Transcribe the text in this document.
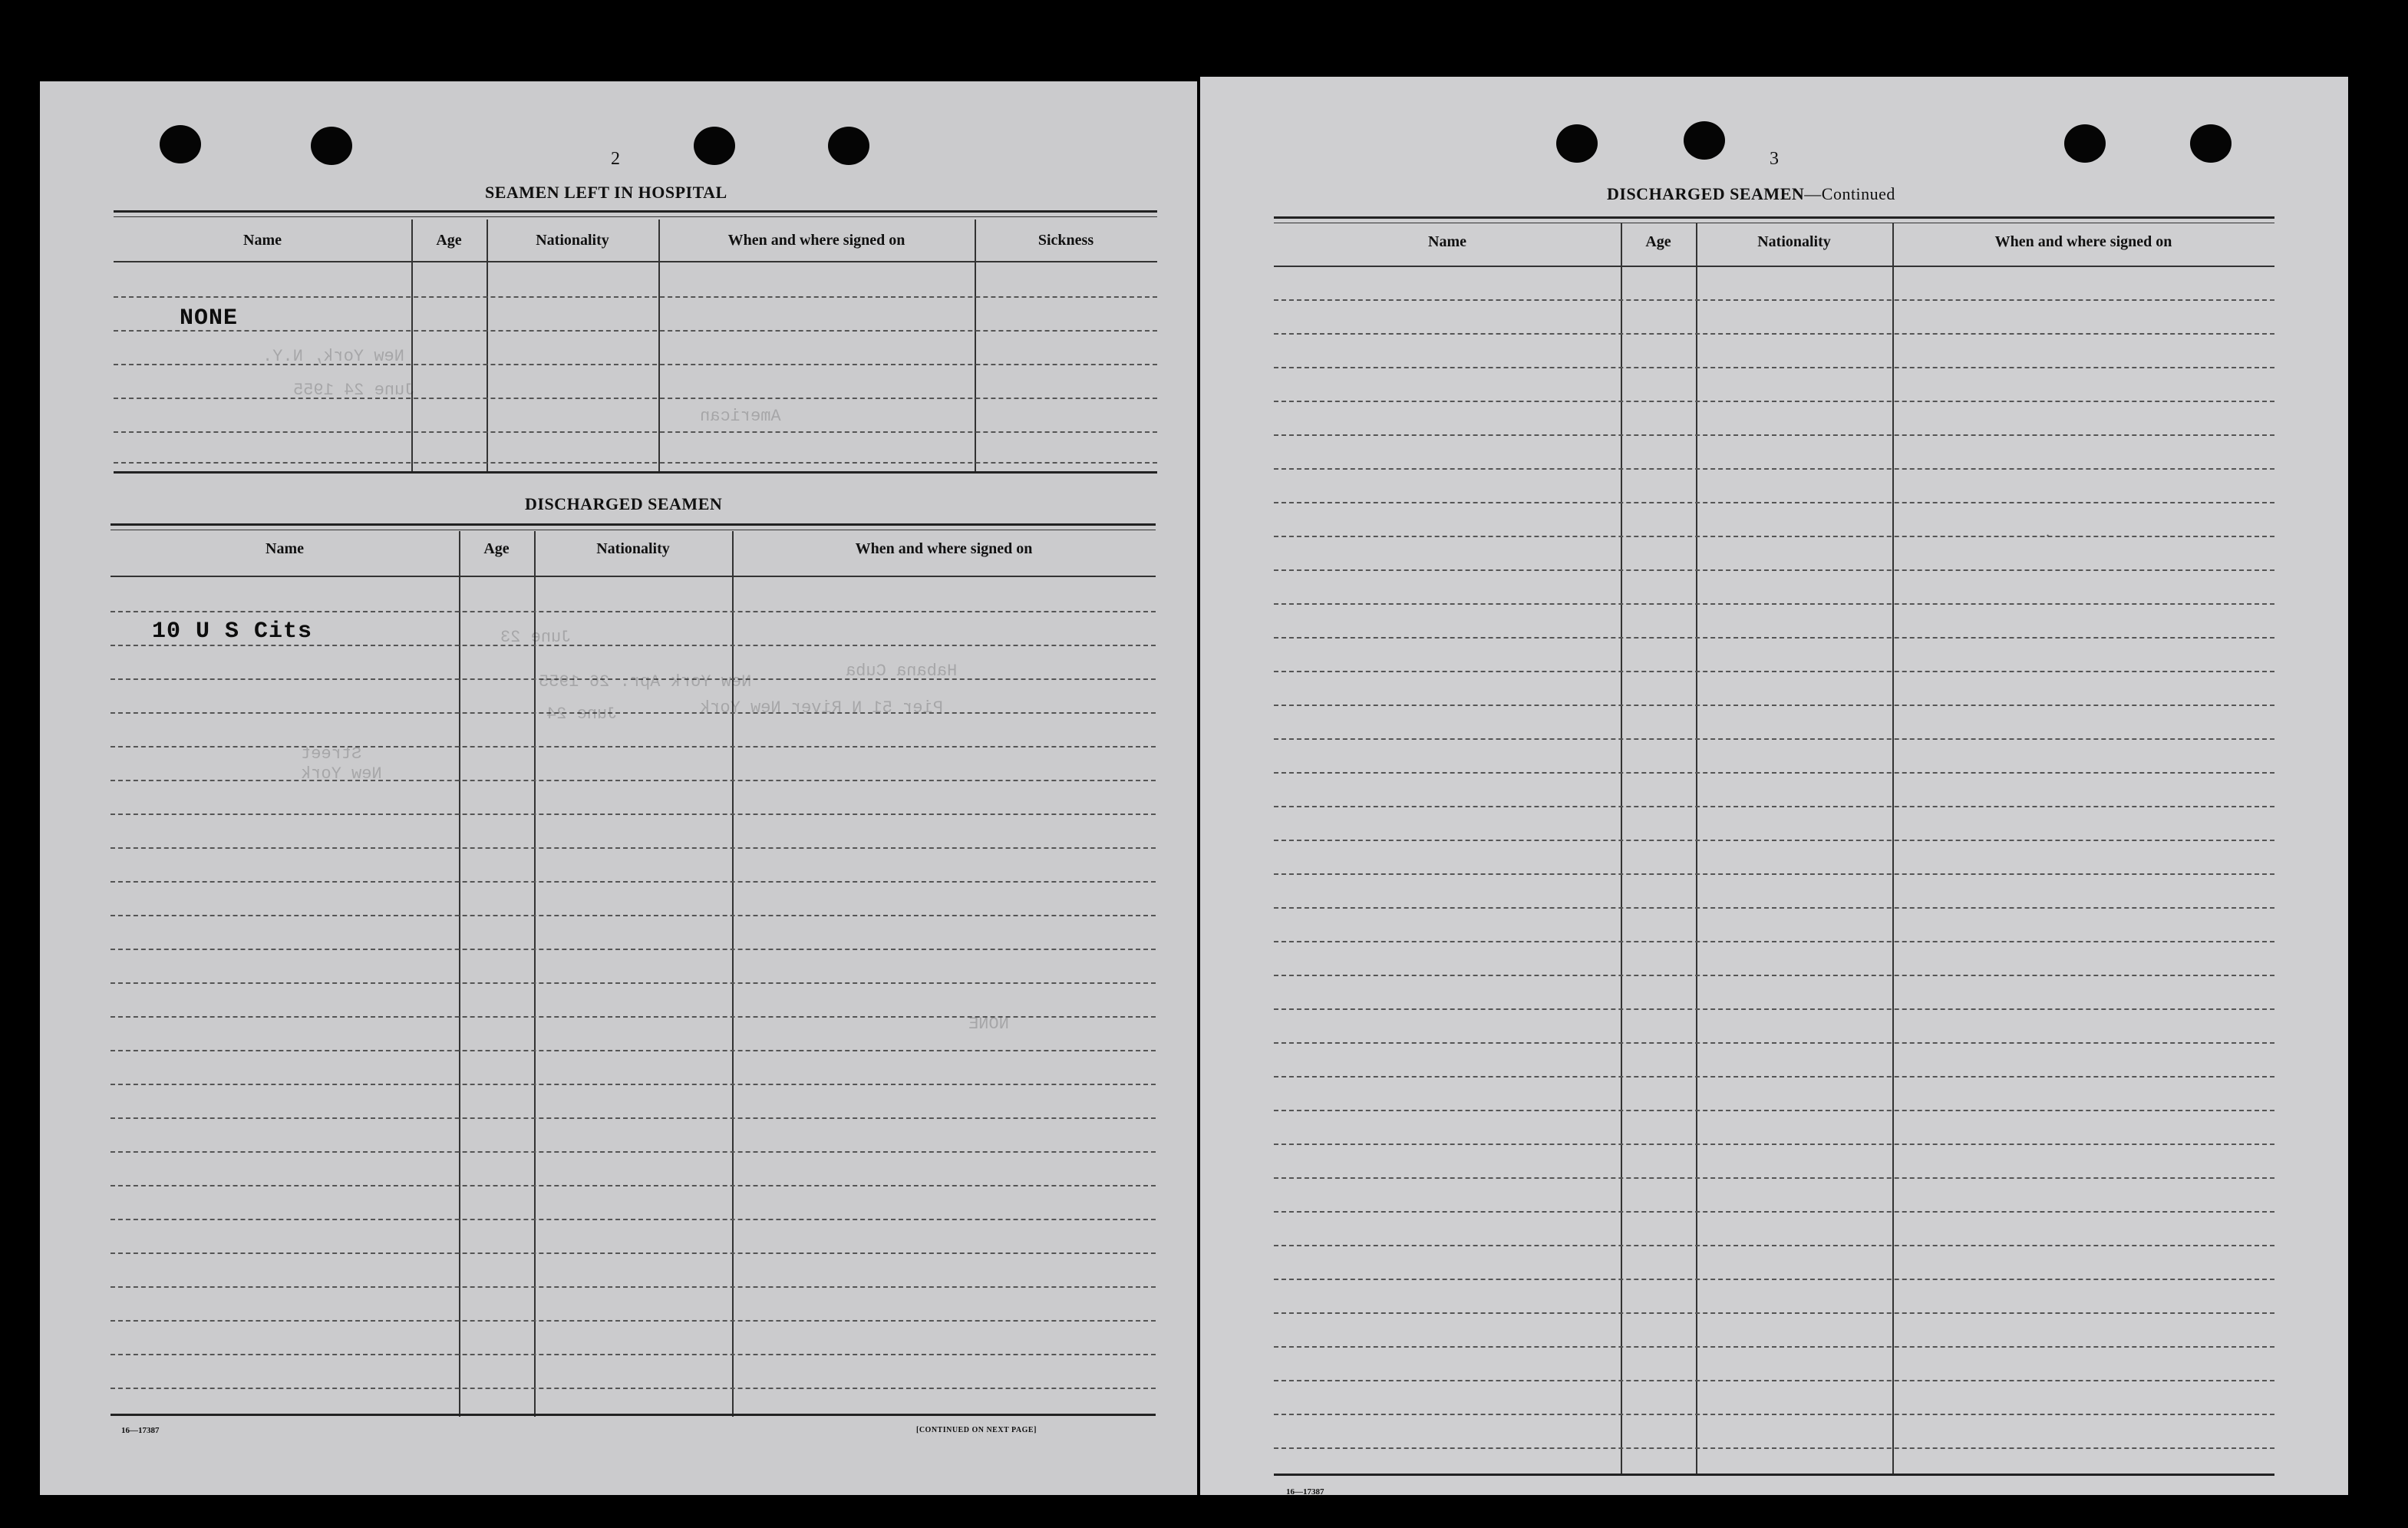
2
SEAMEN LEFT IN HOSPITAL
Name	Age	Nationality	When and where signed on	Sickness
NONE
New York, N.Y.
June 24 1955
American
DISCHARGED SEAMEN
Name	Age	Nationality	When and where signed on
10 U S Cits	June 23
Habana Cuba
New York Apr. 26 1955
June 24	Pier 51 N River New York
Street
New York
NONE
16—17387	[CONTINUED ON NEXT PAGE]
3
DISCHARGED SEAMEN—Continued
Name	Age	Nationality	When and where signed on
.
16—17387
